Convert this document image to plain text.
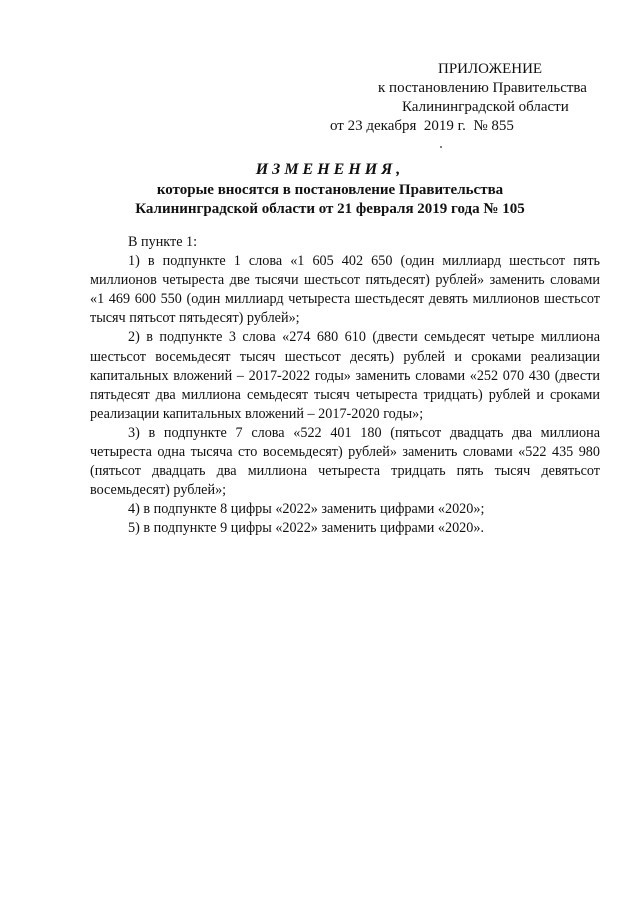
ПРИЛОЖЕНИЕ
к постановлению Правительства
Калининградской области
от 23 декабря  2019 г.  № 855
ИЗМЕНЕНИЯ,
которые вносятся в постановление Правительства
Калининградской области от 21 февраля 2019 года № 105

В пункте 1:

1) в подпункте 1 слова «1 605 402 650 (один миллиард шестьсот пять миллионов четыреста две тысячи шестьсот пятьдесят) рублей» заменить словами «1 469 600 550 (один миллиард четыреста шестьдесят девять миллионов шестьсот тысяч пятьсот пятьдесят) рублей»;

2) в подпункте 3 слова «274 680 610 (двести семьдесят четыре миллиона шестьсот восемьдесят тысяч шестьсот десять) рублей и сроками реализации капитальных вложений – 2017-2022 годы» заменить словами «252 070 430 (двести пятьдесят два миллиона семьдесят тысяч четыреста тридцать) рублей и сроками реализации капитальных вложений – 2017-2020 годы»;

3) в подпункте 7 слова «522 401 180 (пятьсот двадцать два миллиона четыреста одна тысяча сто восемьдесят) рублей» заменить словами «522 435 980 (пятьсот двадцать два миллиона четыреста тридцать пять тысяч девятьсот восемьдесят) рублей»;

4) в подпункте 8 цифры «2022» заменить цифрами «2020»;

5) в подпункте 9 цифры «2022» заменить цифрами «2020».
